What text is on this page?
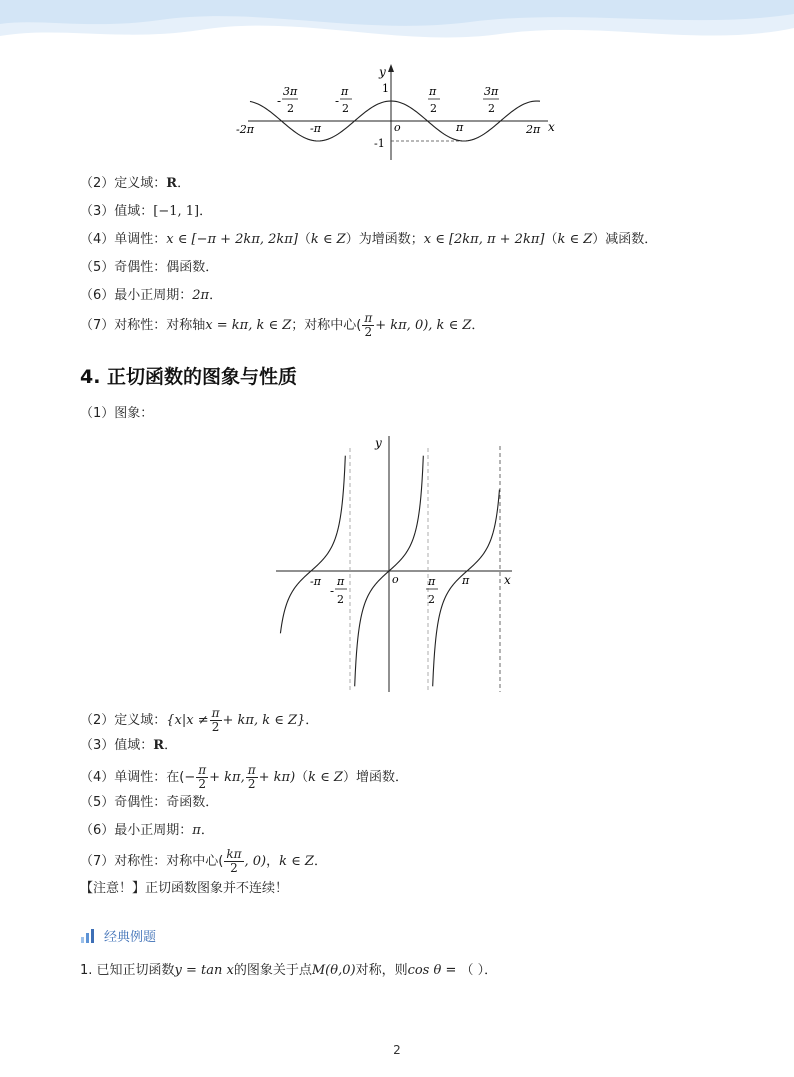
y
x
-
3π
2
-
π
2
1	π
2
3π
2
-2π	-π	o	π	2π
-1
（2）定义域：R．
（3）值域：[−1, 1]．
（4）单调性：x ∈ [−π + 2kπ, 2kπ]（k ∈ Z）为增函数；x ∈ [2kπ, π + 2kπ]（k ∈ Z）减函数．
（5）奇偶性：偶函数．
（6）最小正周期：2π．
（7）对称性：对称轴x = kπ, k ∈ Z；对称中心( $\frac{\pi}{2} + k\pi$, 0), k ∈ Z．
4. 正切函数的图象与性质
（1）图象：
y
x
-π
-
π
2
o	π
2
π
（2）定义域：{$x|x \ne \frac{\pi}{2} + k\pi$, k ∈ Z}．
（3）值域：R．
（4）单调性：在(− $\frac{\pi}{2} + k\pi$, $\frac{\pi}{2} + k\pi)(k$ ∈ Z）增函数．
（5）奇偶性：奇函数．
（6）最小正周期：π．
（7）对称性：对称中心( $\frac{k\pi}{2}$ , 0)，k ∈ Z．
【注意！】正切函数图象并不连续！
经典例题
1. 已知正切函数y = tan x的图象关于点M(θ,0)对称，则cos θ = （ ）．
2
